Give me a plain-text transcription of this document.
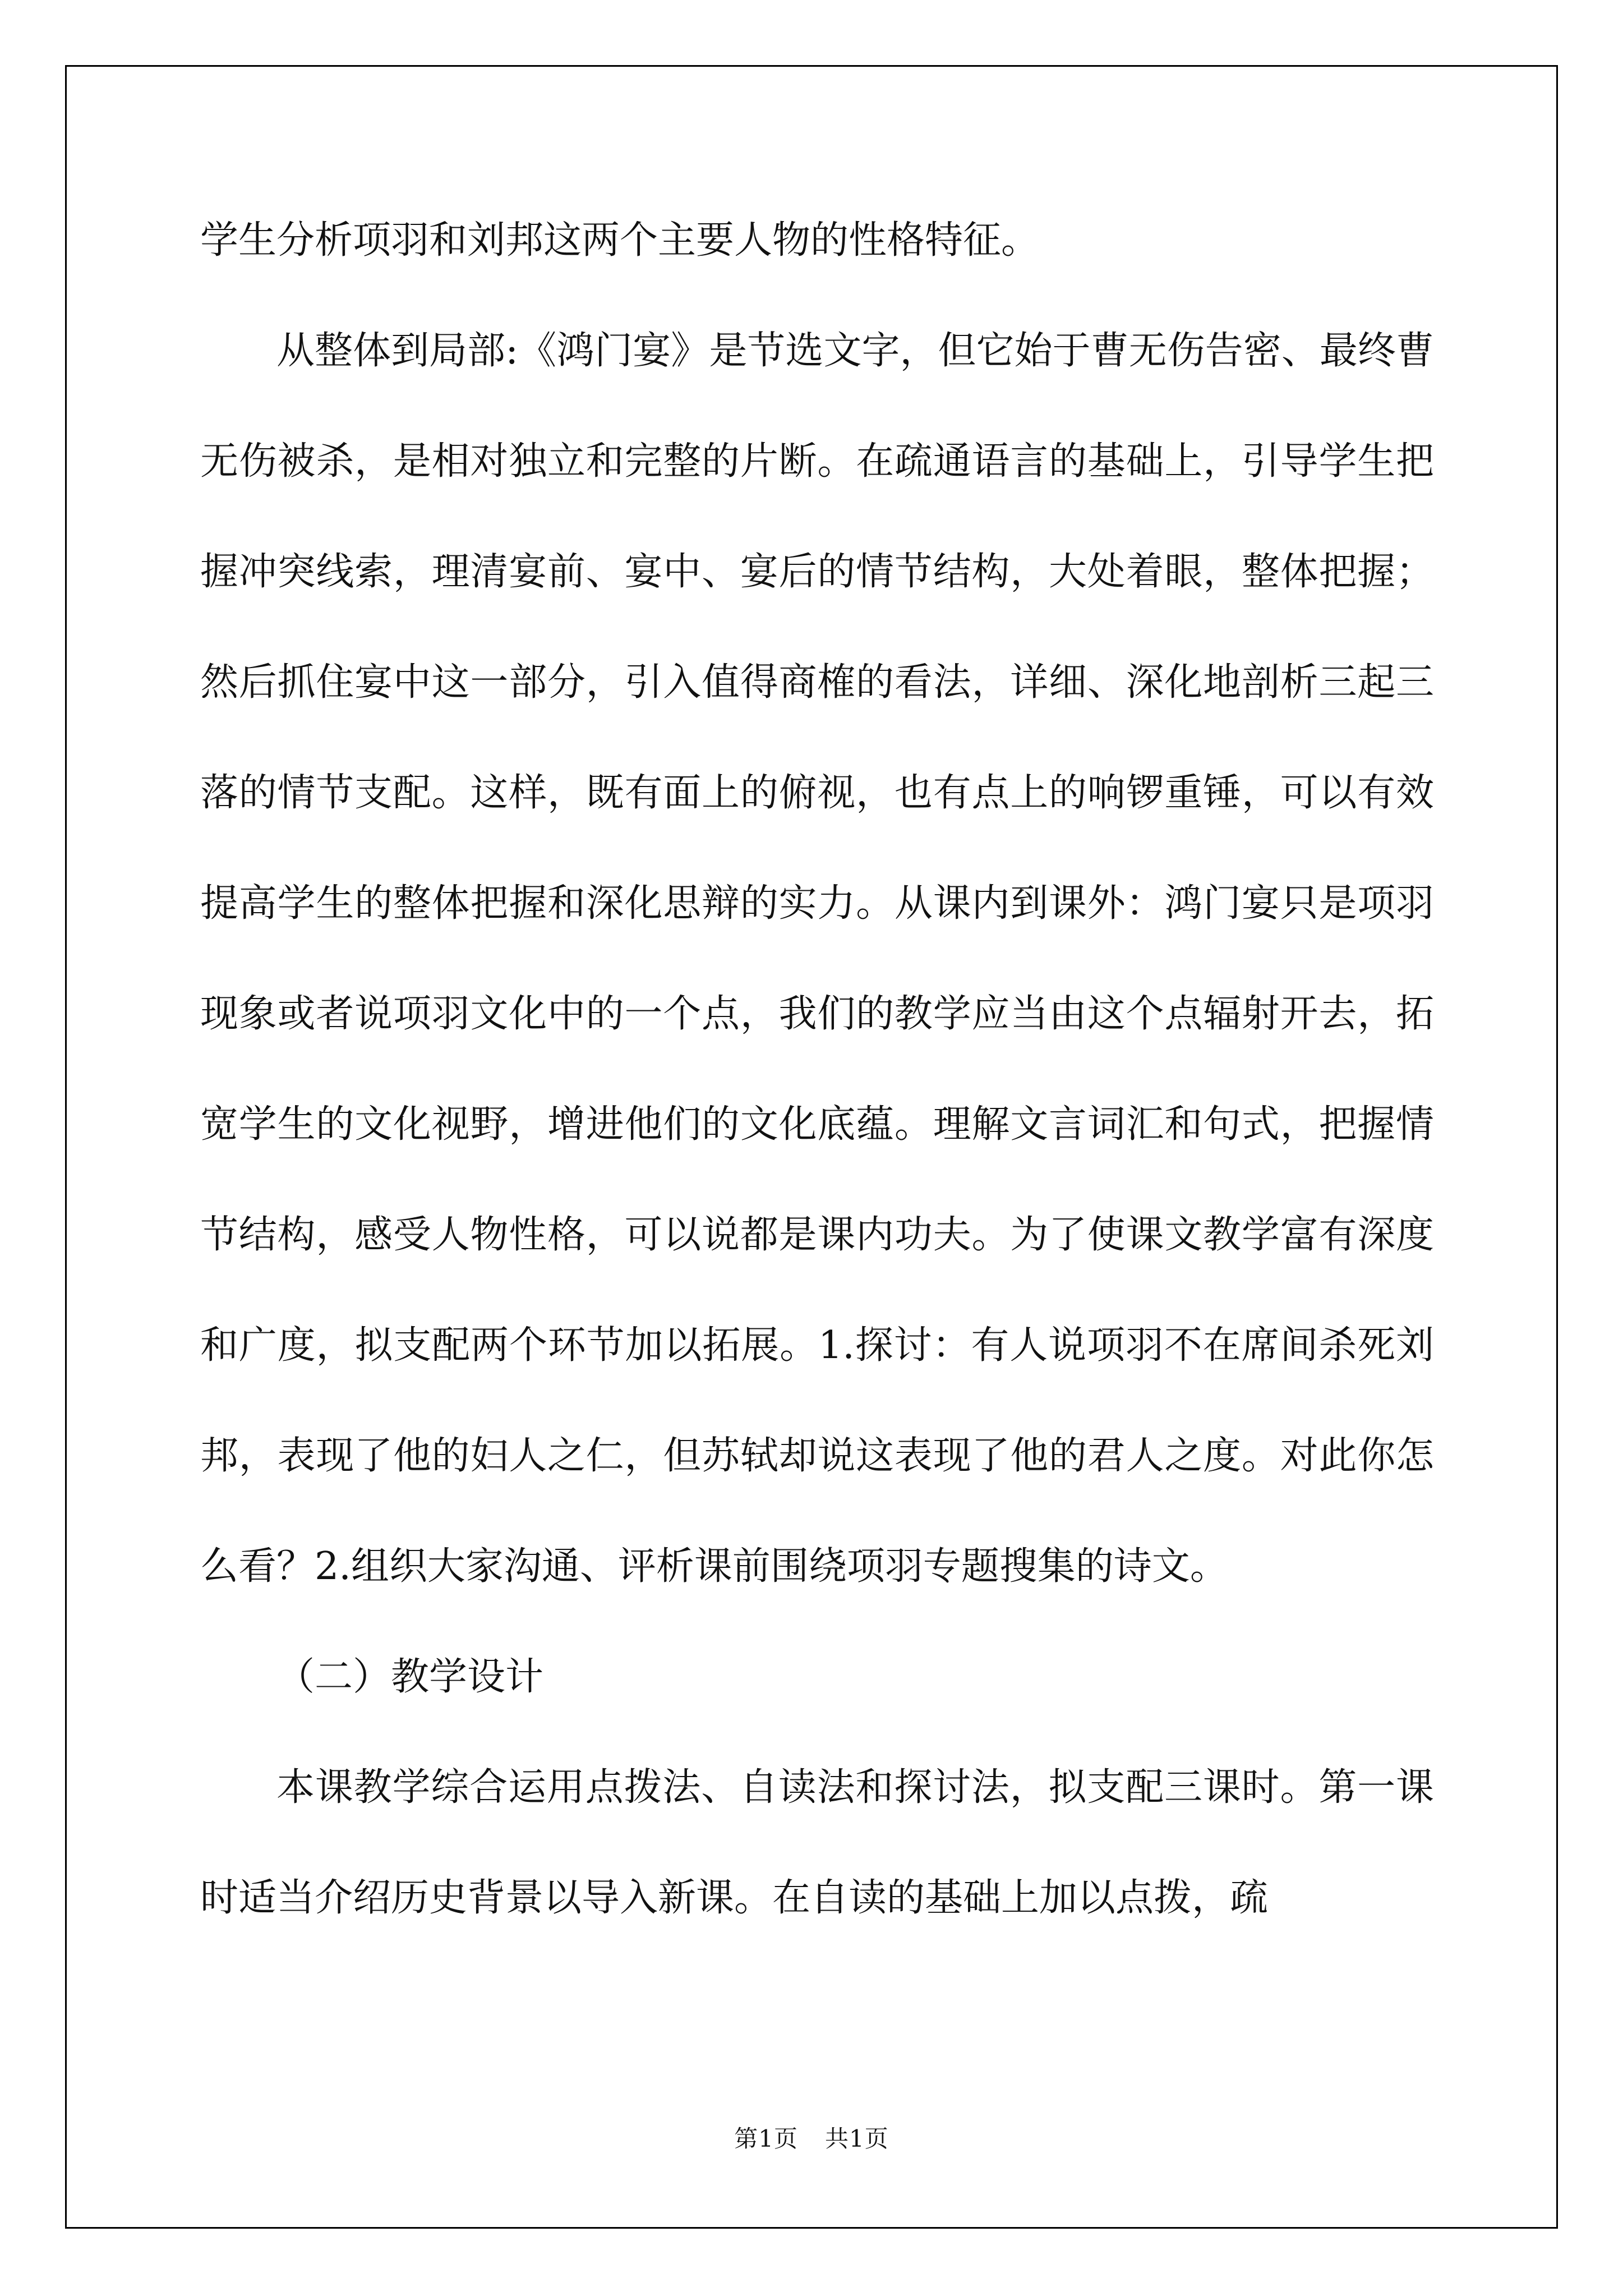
学生分析项羽和刘邦这两个主要人物的性格特征。

从整体到局部:《鸿门宴》是节选文字，但它始于曹无伤告密、最终曹无伤被杀，是相对独立和完整的片断。在疏通语言的基础上，引导学生把握冲突线索，理清宴前、宴中、宴后的情节结构，大处着眼，整体把握；然后抓住宴中这一部分，引入值得商榷的看法，详细、深化地剖析三起三落的情节支配。这样，既有面上的俯视，也有点上的响锣重锤，可以有效提高学生的整体把握和深化思辩的实力。从课内到课外：鸿门宴只是项羽现象或者说项羽文化中的一个点，我们的教学应当由这个点辐射开去，拓宽学生的文化视野，增进他们的文化底蕴。理解文言词汇和句式，把握情节结构，感受人物性格，可以说都是课内功夫。为了使课文教学富有深度和广度，拟支配两个环节加以拓展。1.探讨：有人说项羽不在席间杀死刘邦，表现了他的妇人之仁，但苏轼却说这表现了他的君人之度。对此你怎么看？2.组织大家沟通、评析课前围绕项羽专题搜集的诗文。

（二）教学设计

本课教学综合运用点拨法、自读法和探讨法，拟支配三课时。第一课时适当介绍历史背景以导入新课。在自读的基础上加以点拨，疏

第1页 共1页
